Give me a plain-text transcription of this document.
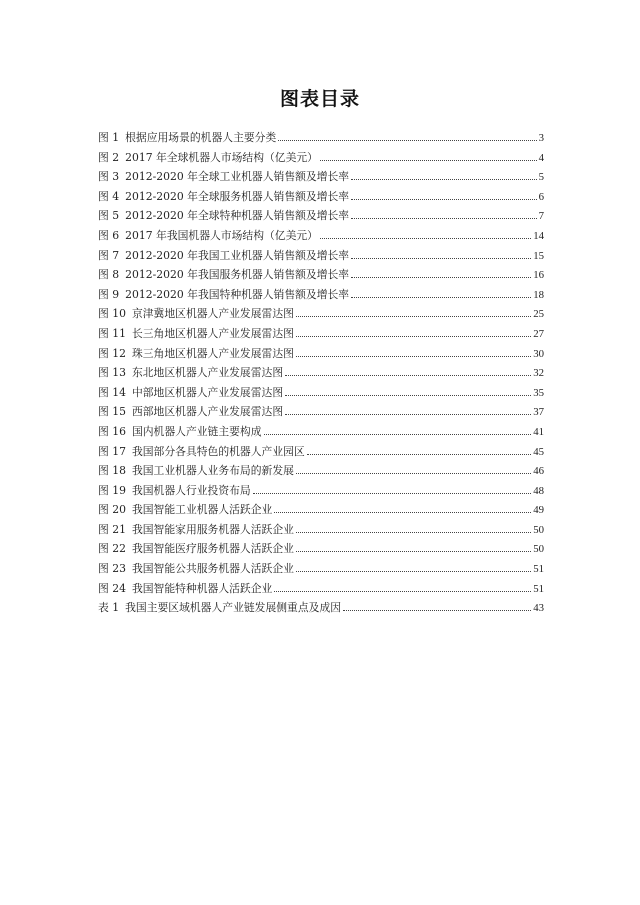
图表目录
图 1 根据应用场景的机器人主要分类	3
图 2 2017 年全球机器人市场结构（亿美元）	4
图 3 2012-2020 年全球工业机器人销售额及增长率	5
图 4 2012-2020 年全球服务机器人销售额及增长率	6
图 5 2012-2020 年全球特种机器人销售额及增长率	7
图 6 2017 年我国机器人市场结构（亿美元）	14
图 7 2012-2020 年我国工业机器人销售额及增长率	15
图 8 2012-2020 年我国服务机器人销售额及增长率	16
图 9 2012-2020 年我国特种机器人销售额及增长率	18
图 10 京津冀地区机器人产业发展雷达图	25
图 11 长三角地区机器人产业发展雷达图	27
图 12 珠三角地区机器人产业发展雷达图	30
图 13 东北地区机器人产业发展雷达图	32
图 14 中部地区机器人产业发展雷达图	35
图 15 西部地区机器人产业发展雷达图	37
图 16 国内机器人产业链主要构成	41
图 17 我国部分各具特色的机器人产业园区	45
图 18 我国工业机器人业务布局的新发展	46
图 19 我国机器人行业投资布局	48
图 20 我国智能工业机器人活跃企业	49
图 21 我国智能家用服务机器人活跃企业	50
图 22 我国智能医疗服务机器人活跃企业	50
图 23 我国智能公共服务机器人活跃企业	51
图 24 我国智能特种机器人活跃企业	51
表 1 我国主要区域机器人产业链发展侧重点及成因	43
